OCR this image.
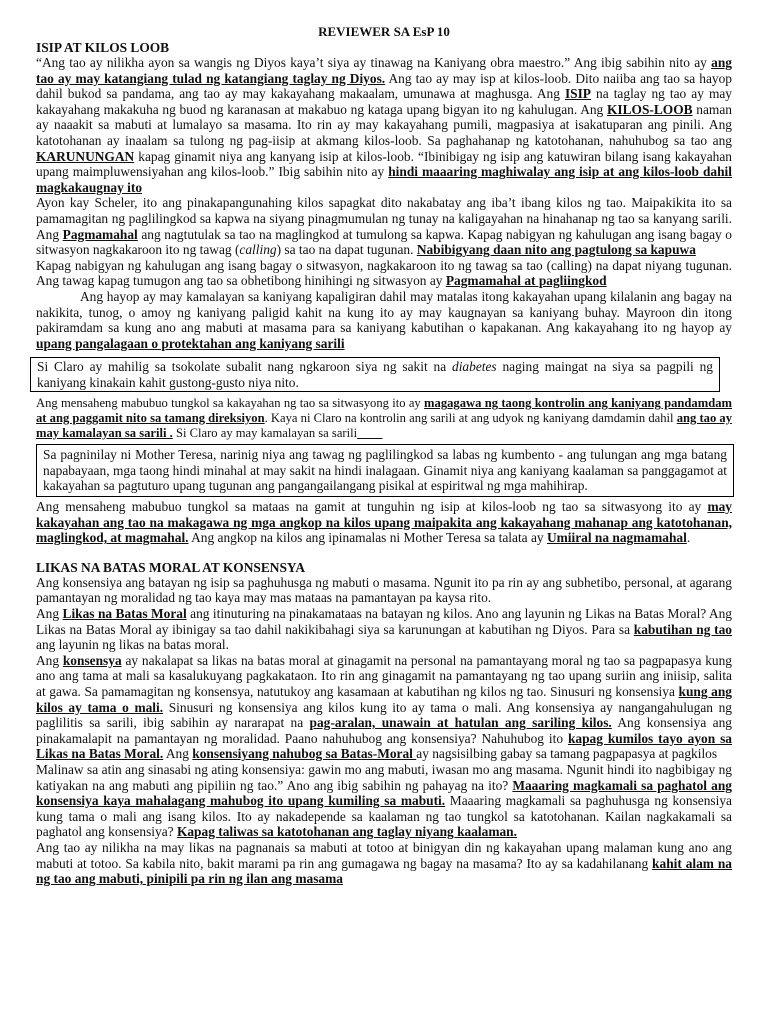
REVIEWER SA EsP 10

ISIP AT KILOS LOOB

“Ang tao ay nilikha ayon sa wangis ng Diyos kaya’t siya ay tinawag na Kaniyang obra maestro.” Ang ibig sabihin nito ay ang tao ay may katangiang tulad ng katangiang taglay ng Diyos. Ang tao ay may isp at kilos-loob. Dito naiiba ang tao sa hayop dahil bukod sa pandama, ang tao ay may kakayahang makaalam, umunawa at maghusga. Ang ISIP na taglay ng tao ay may kakayahang makakuha ng buod ng karanasan at makabuo ng kataga upang bigyan ito ng kahulugan. Ang KILOS-LOOB naman ay naaakit sa mabuti at lumalayo sa masama. Ito rin ay may kakayahang pumili, magpasiya at isakatuparan ang pinili. Ang katotohanan ay inaalam sa tulong ng pag-iisip at akmang kilos-loob. Sa paghahanap ng katotohanan, nahuhubog sa tao ang KARUNUNGAN kapag ginamit niya ang kanyang isip at kilos-loob. “Ibinibigay ng isip ang katuwiran bilang isang kakayahan upang maimpluwensiyahan ang kilos-loob.” Ibig sabihin nito ay hindi maaaring maghiwalay ang isip at ang kilos-loob dahil magkakaugnay ito

Ayon kay Scheler, ito ang pinakapangunahing kilos sapagkat dito nakabatay ang iba’t ibang kilos ng tao. Maipakikita ito sa pamamagitan ng paglilingkod sa kapwa na siyang pinagmumulan ng tunay na kaligayahan na hinahanap ng tao sa kanyang sarili. Ang Pagmamahal ang nagtutulak sa tao na maglingkod at tumulong sa kapwa. Kapag nabigyan ng kahulugan ang isang bagay o sitwasyon nagkakaroon ito ng tawag (calling) sa tao na dapat tugunan. Nabibigyang daan nito ang pagtulong sa kapuwa

Kapag nabigyan ng kahulugan ang isang bagay o sitwasyon, nagkakaroon ito ng tawag sa tao (calling) na dapat niyang tugunan. Ang tawag kapag tumugon ang tao sa obhetibong hinihingi ng sitwasyon ay Pagmamahal at pagliingkod

Ang hayop ay may kamalayan sa kaniyang kapaligiran dahil may matalas itong kakayahan upang kilalanin ang bagay na nakikita, tunog, o amoy ng kaniyang paligid kahit na kung ito ay may kaugnayan sa kaniyang buhay. Mayroon din itong pakiramdam sa kung ano ang mabuti at masama para sa kaniyang kabutihan o kapakanan. Ang kakayahang ito ng hayop ay upang pangalagaan o protektahan ang kaniyang sarili

Si Claro ay mahilig sa tsokolate subalit nang ngkaroon siya ng sakit na diabetes naging maingat na siya sa pagpili ng kaniyang kinakain kahit gustong-gusto niya nito.

Ang mensaheng mabubuo tungkol sa kakayahan ng tao sa sitwasyong ito ay magagawa ng taong kontrolin ang kaniyang pandamdam at ang paggamit nito sa tamang direksiyon. Kaya ni Claro na kontrolin ang sarili at ang udyok ng kaniyang damdamin dahil ang tao ay may kamalayan sa sarili . Si Claro ay may kamalayan sa sarili____

Sa pagninilay ni Mother Teresa, narinig niya ang tawag ng paglilingkod sa labas ng kumbento - ang tulungan ang mga batang napabayaan, mga taong hindi minahal at may sakit na hindi inalagaan. Ginamit niya ang kaniyang kaalaman sa panggagamot at kakayahan sa pagtuturo upang tugunan ang pangangailangang pisikal at espiritwal ng mga mahihirap.

Ang mensaheng mabubuo tungkol sa mataas na gamit at tunguhin ng isip at kilos-loob ng tao sa sitwasyong ito ay may kakayahan ang tao na makagawa ng mga angkop na kilos upang maipakita ang kakayahang mahanap ang katotohanan, maglingkod, at magmahal. Ang angkop na kilos ang ipinamalas ni Mother Teresa sa talata ay Umiiral na nagmamahal.

LIKAS NA BATAS MORAL AT KONSENSYA

Ang konsensiya ang batayan ng isip sa paghuhusga ng mabuti o masama. Ngunit ito pa rin ay ang subhetibo, personal, at agarang pamantayan ng moralidad ng tao kaya may mas mataas na pamantayan pa kaysa rito.

Ang Likas na Batas Moral ang itinuturing na pinakamataas na batayan ng kilos. Ano ang layunin ng Likas na Batas Moral? Ang Likas na Batas Moral ay ibinigay sa tao dahil nakikibahagi siya sa karunungan at kabutihan ng Diyos. Para sa kabutihan ng tao ang layunin ng likas na batas moral.

Ang konsensya ay nakalapat sa likas na batas moral at ginagamit na personal na pamantayang moral ng tao sa pagpapasya kung ano ang tama at mali sa kasalukuyang pagkakataon. Ito rin ang ginagamit na pamantayang ng tao upang suriin ang iniisip, salita at gawa. Sa pamamagitan ng konsensya, natutukoy ang kasamaan at kabutihan ng kilos ng tao. Sinusuri ng konsensiya kung ang kilos ay tama o mali. Sinusuri ng konsensiya ang kilos kung ito ay tama o mali. Ang konsensiya ay nangangahulugan ng paglilitis sa sarili, ibig sabihin ay nararapat na pag-aralan, unawain at hatulan ang sariling kilos. Ang konsensiya ang pinakamalapit na pamantayan ng moralidad. Paano nahuhubog ang konsensiya? Nahuhubog ito kapag kumilos tayo ayon sa Likas na Batas Moral. Ang konsensiyang nahubog sa Batas-Moral ay nagsisilbing gabay sa tamang pagpapasya at pagkilos

Malinaw sa atin ang sinasabi ng ating konsensiya: gawin mo ang mabuti, iwasan mo ang masama. Ngunit hindi ito nagbibigay ng katiyakan na ang mabuti ang pipiliin ng tao.” Ano ang ibig sabihin ng pahayag na ito? Maaaring magkamali sa paghatol ang konsensiya kaya mahalagang mahubog ito upang kumiling sa mabuti. Maaaring magkamali sa paghuhusga ng konsensiya kung tama o mali ang isang kilos. Ito ay nakadepende sa kaalaman ng tao tungkol sa katotohanan. Kailan nagkakamali sa paghatol ang konsensiya? Kapag taliwas sa katotohanan ang taglay niyang kaalaman.

Ang tao ay nilikha na may likas na pagnanais sa mabuti at totoo at binigyan din ng kakayahan upang malaman kung ano ang mabuti at totoo. Sa kabila nito, bakit marami pa rin ang gumagawa ng bagay na masama? Ito ay sa kadahilanang kahit alam na ng tao ang mabuti, pinipili pa rin ng ilan ang masama
